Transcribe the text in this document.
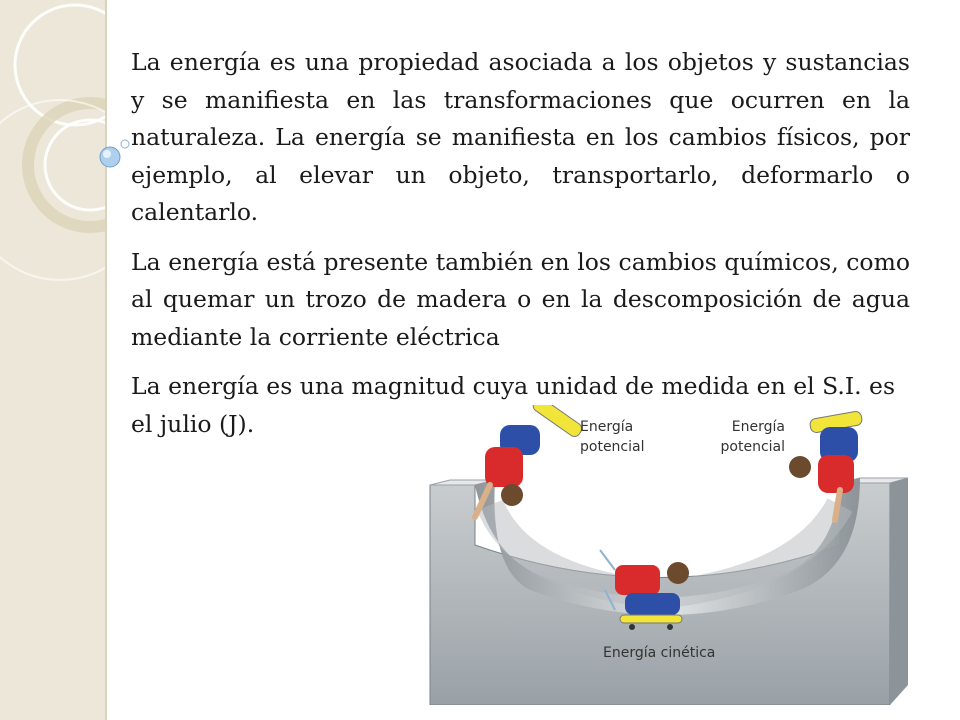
La energía es una propiedad asociada a los objetos y sustancias y se manifiesta en las transformaciones que ocurren en la naturaleza. La energía se manifiesta en los cambios físicos, por ejemplo, al elevar un objeto, transportarlo, deformarlo o calentarlo.

La energía está presente también en los cambios químicos, como al quemar un trozo de madera o en la descomposición de agua mediante la corriente eléctrica

La energía es una magnitud cuya unidad de medida en el S.I. es el julio (J).	Energía
potencial
Energía
potencial
Energía cinética
